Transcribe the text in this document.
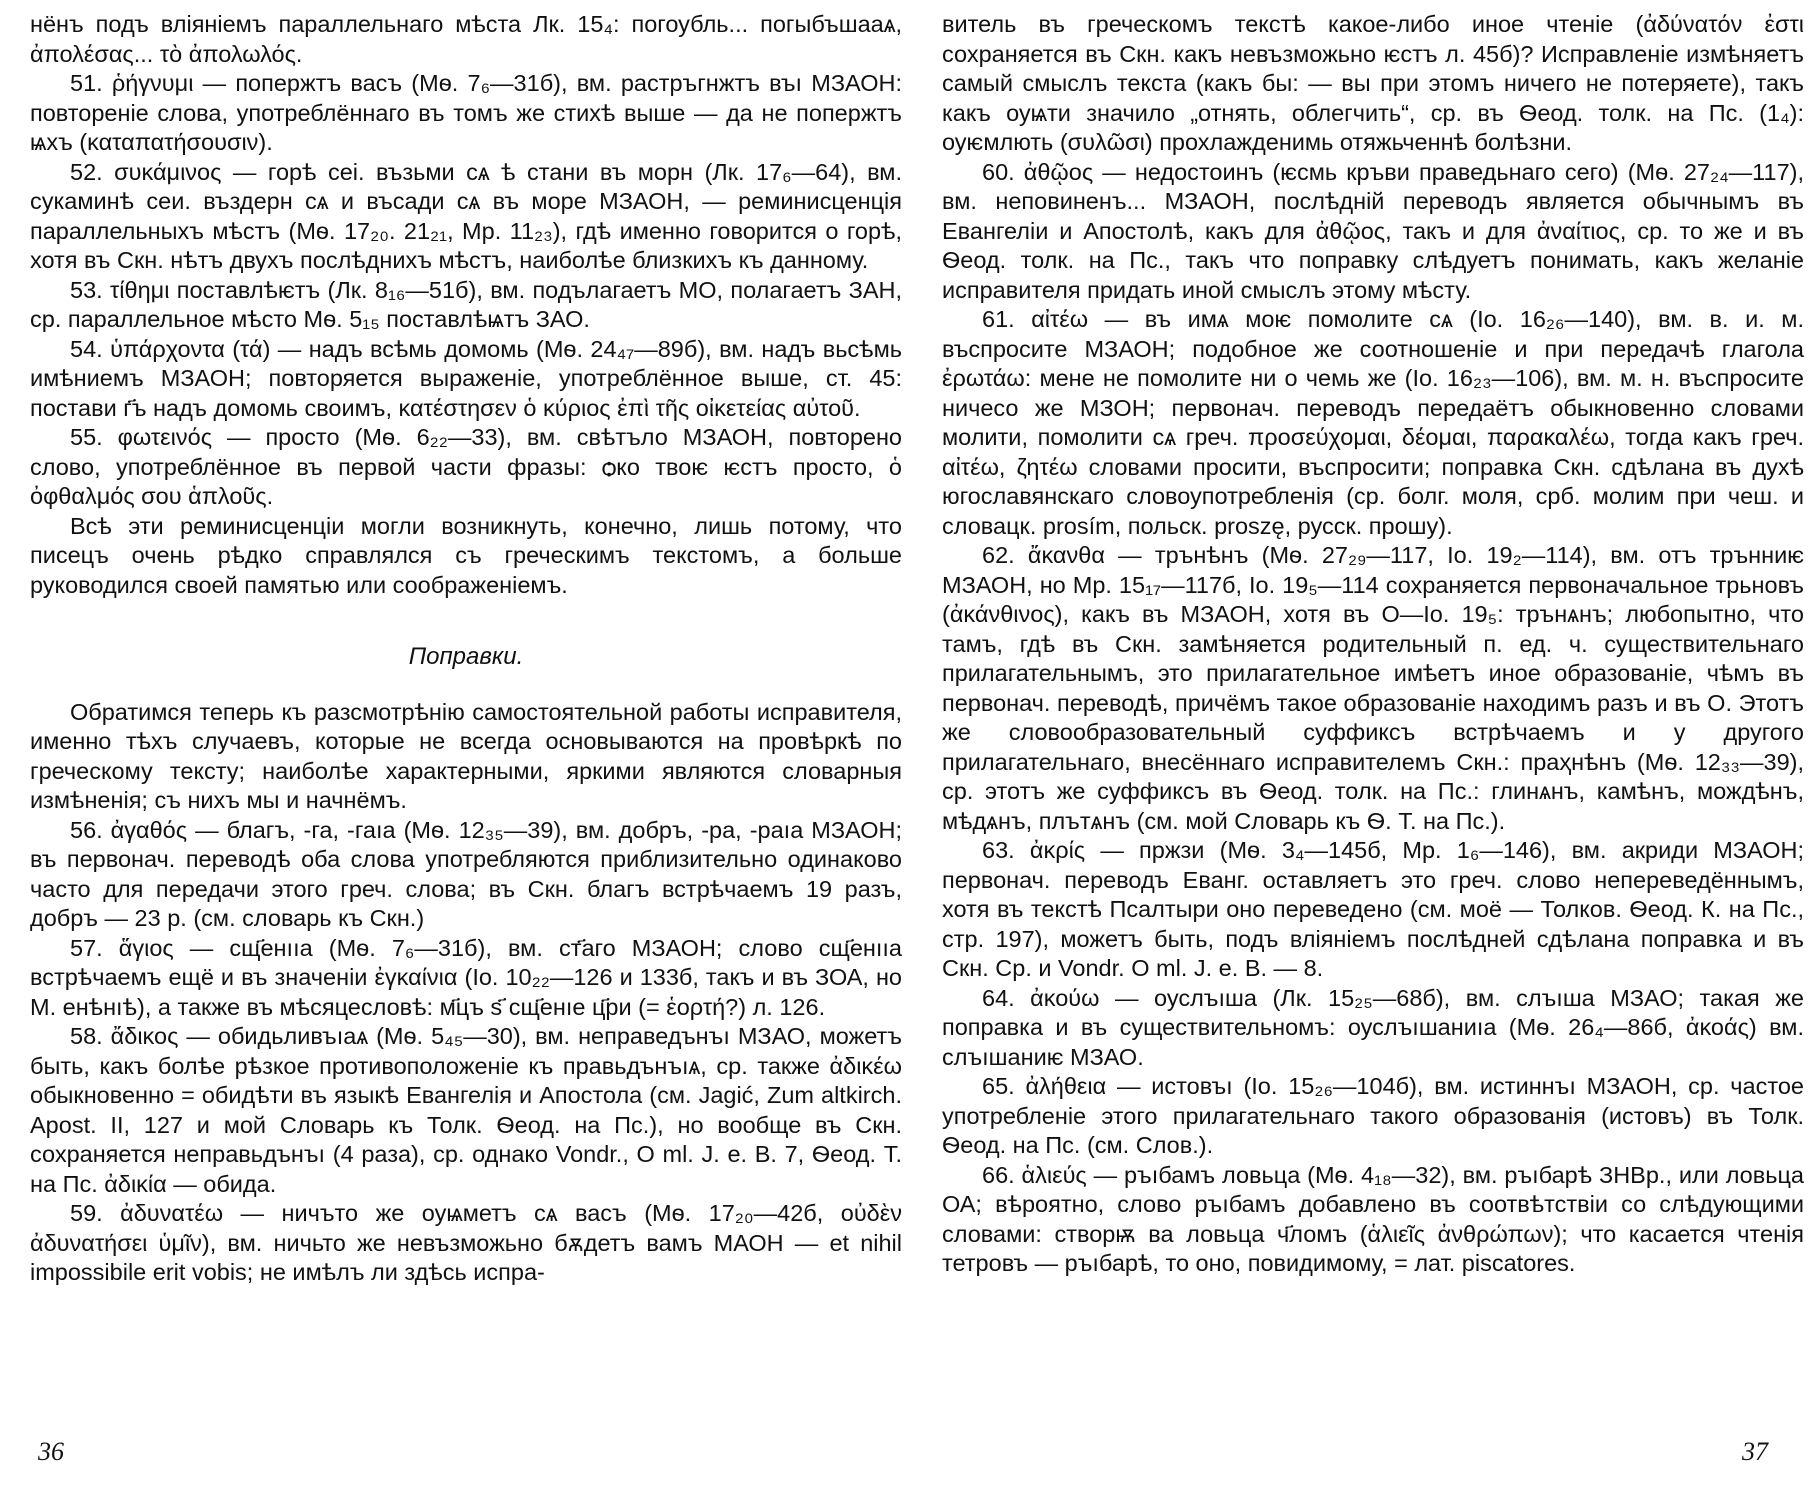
нёнъ подъ вліяніемъ параллельнаго мѣста Лк. 15₄: погоубль... погыбъшааѧ, ἀπολέσας... τὸ ἀπολωλός.

51. ῥήγνυμι — попержтъ васъ (Мѳ. 7₆—31б), вм. растръгнжтъ въı МЗАОН: повтореніе слова, употреблённаго въ томъ же стихѣ выше — да не попержтъ ѩхъ (καταπατήσουσιν).

52. συκάμινος — горѣ сеі. възьми сѧ ѣ стани въ морн (Лк. 17₆—64), вм. сукаминѣ сеи. въздерн сѧ и въсади сѧ въ море МЗАОН, — реминисценція параллельныхъ мѣстъ (Мѳ. 17₂₀. 21₂₁, Мр. 11₂₃), гдѣ именно говорится о горѣ, хотя въ Скн. нѣтъ двухъ послѣднихъ мѣстъ, наиболѣе близкихъ къ данному.

53. τίθημι поставлѣѥтъ (Лк. 8₁₆—51б), вм. подълагаетъ МО, полагаетъ ЗАН, ср. параллельное мѣсто Мѳ. 5₁₅ поставлѣѩтъ ЗАО.

54. ὑπάρχοντα (τά) — надъ всѣмь домомь (Мѳ. 24₄₇—89б), вм. надъ вьсѣмь имѣниемъ МЗАОН; повторяется выраженіе, употреблённое выше, ст. 45: постави г҃ъ надъ домомь своимъ, κατέστησεν ὁ κύριος ἐπὶ τῆς οἰκετείας αὐτοῦ.

55. φωτεινός — просто (Мѳ. 6₂₂—33), вм. свѣтъло МЗАОН, повторено слово, употреблённое въ первой части фразы: ѻко твоѥ ѥстъ просто, ὁ ὀφθαλμός σου ἁπλοῦς.

Всѣ эти реминисценціи могли возникнуть, конечно, лишь потому, что писецъ очень рѣдко справлялся съ греческимъ текстомъ, а больше руководился своей памятью или соображеніемъ.

Поправки.

Обратимся теперь къ разсмотрѣнію самостоятельной работы исправителя, именно тѣхъ случаевъ, которые не всегда основываются на провѣркѣ по греческому тексту; наиболѣе характерными, яркими являются словарныя измѣненія; съ нихъ мы и начнёмъ.

56. ἀγαθός — благъ, -га, -гаıа (Мѳ. 12₃₅—39), вм. добръ, -ра, -раıа МЗАОН; въ первонач. переводѣ оба слова употребляются приблизительно одинаково часто для передачи этого греч. слова; въ Скн. благъ встрѣчаемъ 19 разъ, добръ — 23 р. (см. словарь къ Скн.)

57. ἅγιος — сщ҃енııа (Мѳ. 7₆—31б), вм. ст҃аго МЗАОН; слово сщ҃енııа встрѣчаемъ ещё и въ значеніи ἐγκαίνια (Іо. 10₂₂—126 и 133б, такъ и въ ЗОА, но М. енѣнıѣ), а также въ мѣсяцесловѣ: м҃цъ ѕ҃ сщ҃енıе ц҃ри (= ἑορτή?) л. 126.

58. ἄδικος — обидьливъıаѧ (Мѳ. 5₄₅—30), вм. неправедънъı МЗАО, можетъ быть, какъ болѣе рѣзкое противоположеніе къ правьдънъıѧ, ср. также ἀδικέω обыкновенно = обидѣти въ языкѣ Евангелія и Апостола (см. Jagić, Zum altkirch. Apost. II, 127 и мой Словарь къ Толк. Ѳеод. на Пс.), но вообще въ Скн. сохраняется неправьдънъı (4 раза), ср. однако Vondr., O ml. J. e. B. 7, Ѳеод. Т. на Пс. ἀδικία — обида.

59. ἀδυνατέω — ничъто же оуѩметъ сѧ васъ (Мѳ. 17₂₀—42б, οὐδὲν ἀδυνατήσει ὑμῖν), вм. ничьто же невъзможьно бѫдетъ вамъ МАОН — et nihil impossibile erit vobis; не имѣлъ ли здѣсь испра-

36

витель въ греческомъ текстѣ какое-либо иное чтеніе (ἀδύνατόν ἐστι сохраняется въ Скн. какъ невъзможьно ѥстъ л. 45б)? Исправленіе измѣняетъ самый смыслъ текста (какъ бы: — вы при этомъ ничего не потеряете), такъ какъ оуѩти значило „отнять, облегчить“, ср. въ Ѳеод. толк. на Пс. (1₄): оуѥмлють (συλῶσι) прохлажденимь отяжьченнѣ болѣзни.

60. ἀθῷος — недостоинъ (ѥсмь кръви праведьнаго сего) (Мѳ. 27₂₄—117), вм. неповиненъ... МЗАОН, послѣдній переводъ является обычнымъ въ Евангеліи и Апостолѣ, какъ для ἀθῷος, такъ и для ἀναίτιος, ср. то же и въ Ѳеод. толк. на Пс., такъ что поправку слѣдуетъ понимать, какъ желаніе исправителя придать иной смыслъ этому мѣсту.

61. αἰτέω — въ имѧ моѥ помолите сѧ (Іо. 16₂₆—140), вм. в. и. м. въспросите МЗАОН; подобное же соотношеніе и при передачѣ глагола ἐρωτάω: мене не помолите ни о чемь же (Іо. 16₂₃—106), вм. м. н. въспросите ничесо же МЗОН; первонач. переводъ передаётъ обыкновенно словами молити, помолити сѧ греч. προσεύχομαι, δέομαι, παρακαλέω, тогда какъ греч. αἰτέω, ζητέω словами просити, въспросити; поправка Скн. сдѣлана въ духѣ югославянскаго словоупотребленія (ср. болг. моля, срб. молим при чеш. и словацк. prosím, польск. proszę, русск. прошу).

62. ἄκανθα — трънѣнъ (Мѳ. 27₂₉—117, Іо. 19₂—114), вм. отъ трънниѥ МЗАОН, но Мр. 15₁₇—117б, Іо. 19₅—114 сохраняется первоначальное трьновъ (ἀκάνθινος), какъ въ МЗАОН, хотя въ О—Іо. 19₅: трънѧнъ; любопытно, что тамъ, гдѣ въ Скн. замѣняется родительный п. ед. ч. существительнаго прилагательнымъ, это прилагательное имѣетъ иное образованіе, чѣмъ въ первонач. переводѣ, причёмъ такое образованіе находимъ разъ и въ О. Этотъ же словообразовательный суффиксъ встрѣчаемъ и у другого прилагательнаго, внесённаго исправителемъ Скн.: праҳнѣнъ (Мѳ. 12₃₃—39), ср. этотъ же суффиксъ въ Ѳеод. толк. на Пс.: глинѧнъ, камѣнъ, мождѣнъ, мѣдѧнъ, плътѧнъ (см. мой Словарь къ Ѳ. Т. на Пс.).

63. ἀκρίς — пржзи (Мѳ. 3₄—145б, Мр. 1₆—146), вм. акриди МЗАОН; первонач. переводъ Еванг. оставляетъ это греч. слово непереведённымъ, хотя въ текстѣ Псалтыри оно переведено (см. моё — Толков. Ѳеод. К. на Пс., стр. 197), можетъ быть, подъ вліяніемъ послѣдней сдѣлана поправка и въ Скн. Ср. и Vondr. O ml. J. e. B. — 8.

64. ἀκούω — оуслъıша (Лк. 15₂₅—68б), вм. слъıша МЗАО; такая же поправка и въ существительномъ: оуслъıшаниıа (Мѳ. 26₄—86б, ἀκοάς) вм. слъıшаниѥ МЗАО.

65. ἀλήθεια — истовъı (Іо. 15₂₆—104б), вм. истиннъı МЗАОН, ср. частое употребленіе этого прилагательнаго такого образованія (истовъ) въ Толк. Ѳеод. на Пс. (см. Слов.).

66. ἁλιεύς — ръıбамъ ловьца (Мѳ. 4₁₈—32), вм. ръıбарѣ ЗНВр., или ловьца ОА; вѣроятно, слово ръıбамъ добавлено въ соотвѣтствіи со слѣдующими словами: створѭ ва ловьца ч҃ломъ (ἁλιεῖς ἀνθρώπων); что касается чтенія тетровъ — ръıбарѣ, то оно, повидимому, = лат. piscatores.

37
